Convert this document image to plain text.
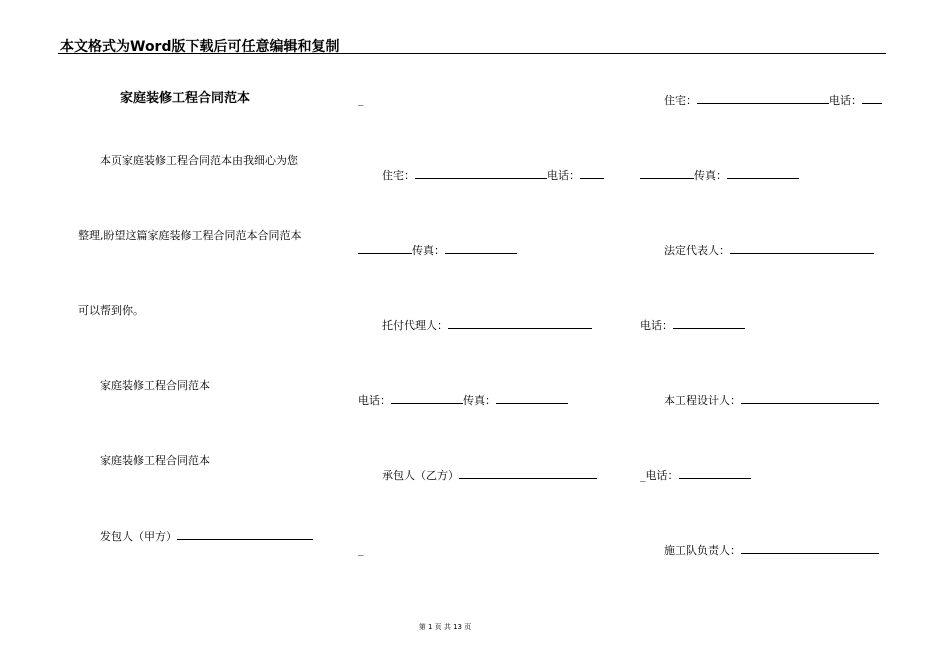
本文格式为Word版下载后可任意编辑和复制
家庭装修工程合同范本
本页家庭装修工程合同范本由我细心为您
整理,盼望这篇家庭装修工程合同范本合同范本
可以帮到你。
家庭装修工程合同范本
家庭装修工程合同范本
发包人（甲方）
_
住宅：	电话：
传真：
托付代理人：
电话：	传真：
承包人（乙方）
_
住宅：	电话：
传真：
法定代表人：
电话：
本工程设计人：
_电话：
施工队负责人：
第 1 页 共 13 页
